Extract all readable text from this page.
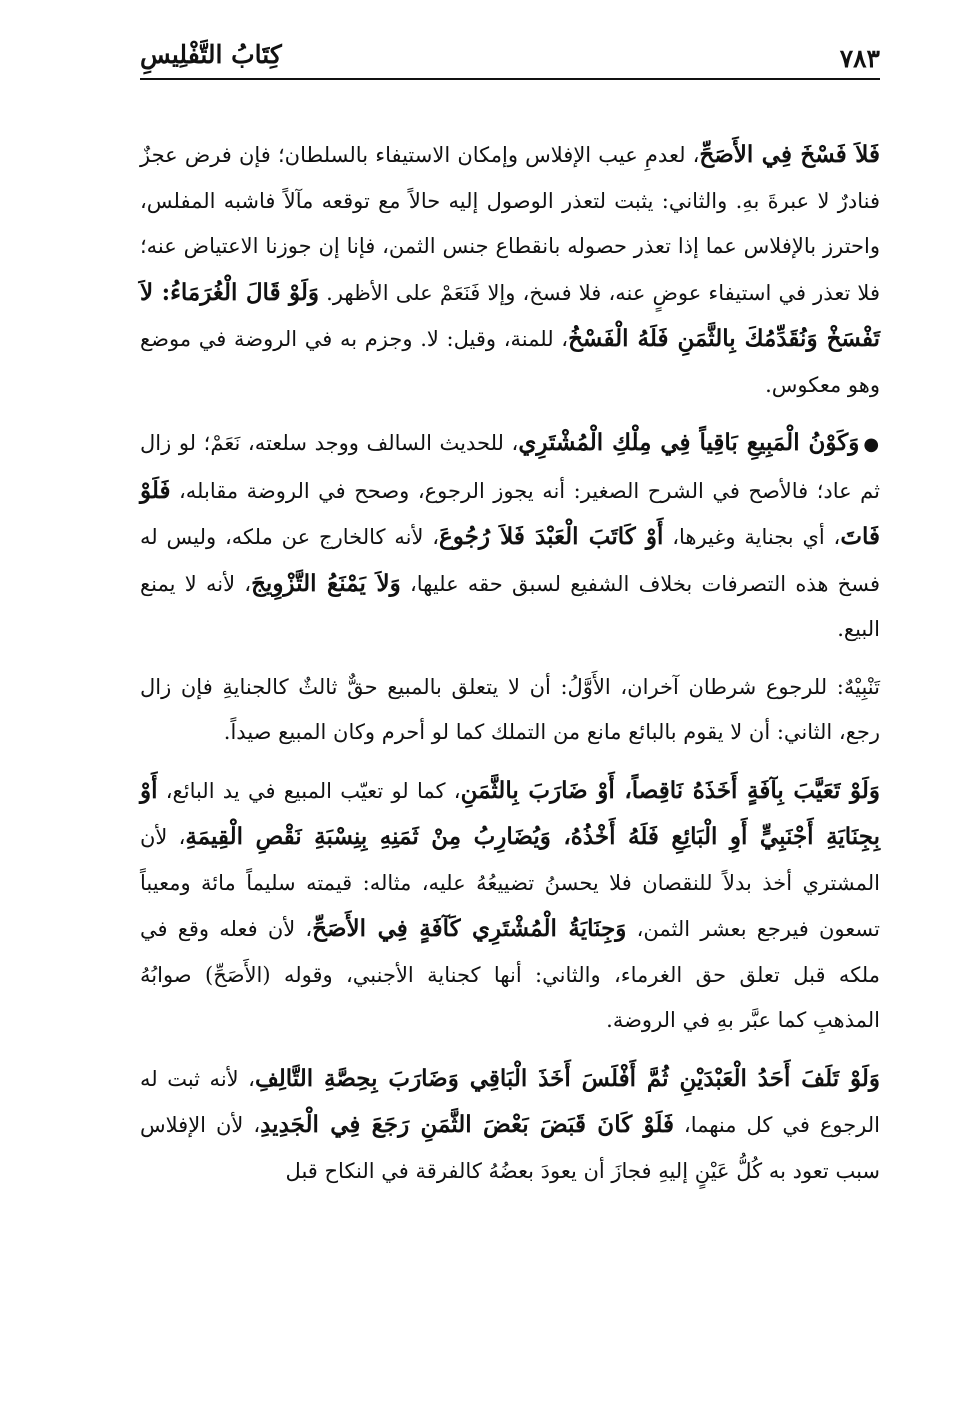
٧٨٣
كِتَابُ التَّفْلِيسِ

فَلاَ فَسْخَ فِي الأَصَحِّ، لعدمِ عيب الإفلاس وإمكان الاستيفاء بالسلطان؛ فإن فرض عجزٌ فنادرٌ لا عبرةَ بهِ. والثاني: يثبت لتعذر الوصول إليه حالاً مع توقعه مآلاً فاشبه المفلس، واحترز بالإفلاس عما إذا تعذر حصوله بانقطاع جنس الثمن، فإنا إن جوزنا الاعتياض عنه؛ فلا تعذر في استيفاء عوضٍ عنه، فلا فسخ، وإلا فَنَعَمْ على الأظهر. وَلَوْ قَالَ الْغُرَمَاءُ: لاَ تَفْسَخْ وَنُقَدِّمُكَ بِالثَّمَنِ فَلَهُ الْفَسْخُ، للمنة، وقيل: لا. وجزم به في الروضة في موضع وهو معكوس.

●وَكَوْنُ الْمَبِيعِ بَاقِياً فِي مِلْكِ الْمُشْتَرِي، للحديث السالف ووجد سلعته، نَعَمْ؛ لو زال ثم عاد؛ فالأصح في الشرح الصغير: أنه يجوز الرجوع، وصحح في الروضة مقابله، فَلَوْ فَاتَ، أي بجناية وغيرها، أَوْ كَاتَبَ الْعَبْدَ فَلاَ رُجُوعَ، لأنه كالخارج عن ملكه، وليس له فسخ هذه التصرفات بخلاف الشفيع لسبق حقه عليها، وَلاَ يَمْنَعُ التَّزْوِيجَ، لأنه لا يمنع البيع.

تَنْبِيْهٌ: للرجوع شرطان آخران، الأَوَّلُ: أن لا يتعلق بالمبيع حقٌّ ثالثٌ كالجنايةِ فإن زال رجع، الثاني: أن لا يقوم بالبائع مانع من التملك كما لو أحرم وكان المبيع صيداً.

وَلَوْ تَعَيَّبَ بِآفَةٍ أَخَذَهُ نَاقِصاً، أَوْ ضَارَبَ بِالثَّمَنِ، كما لو تعيّب المبيع في يد البائع، أَوْ بِجِنَايَةِ أَجْنَبِيٍّ أَوِ الْبَائِعِ فَلَهُ أَخْذُهُ، وَيُضَارِبُ مِنْ ثَمَنِهِ بِنِسْبَةِ نَقْصِ الْقِيمَةِ، لأن المشتري أخذ بدلاً للنقصان فلا يحسنُ تضييعُهُ عليه، مثاله: قيمته سليماً مائة ومعيباً تسعون فيرجع بعشر الثمن، وَجِنَايَةُ الْمُشْتَرِي كَآفَةٍ فِي الأَصَحِّ، لأن فعله وقع في ملكه قبل تعلق حق الغرماء، والثاني: أنها كجناية الأجنبي، وقوله (الأَصَحِّ) صوابُهُ المذهبِ كما عبَّر بهِ في الروضة.

وَلَوْ تَلَفَ أَحَدُ الْعَبْدَيْنِ ثُمَّ أَفْلَسَ أَخَذَ الْبَاقِي وَضَارَبَ بِحِصَّةِ التَّالِفِ، لأنه ثبت له الرجوع في كل منهما، فَلَوْ كَانَ قَبَضَ بَعْضَ الثَّمَنِ رَجَعَ فِي الْجَدِيدِ، لأن الإفلاس سبب تعود به كُلُّ عَيْنٍ إليهِ فجازَ أن يعودَ بعضُهُ كالفرقة في النكاح قبل
